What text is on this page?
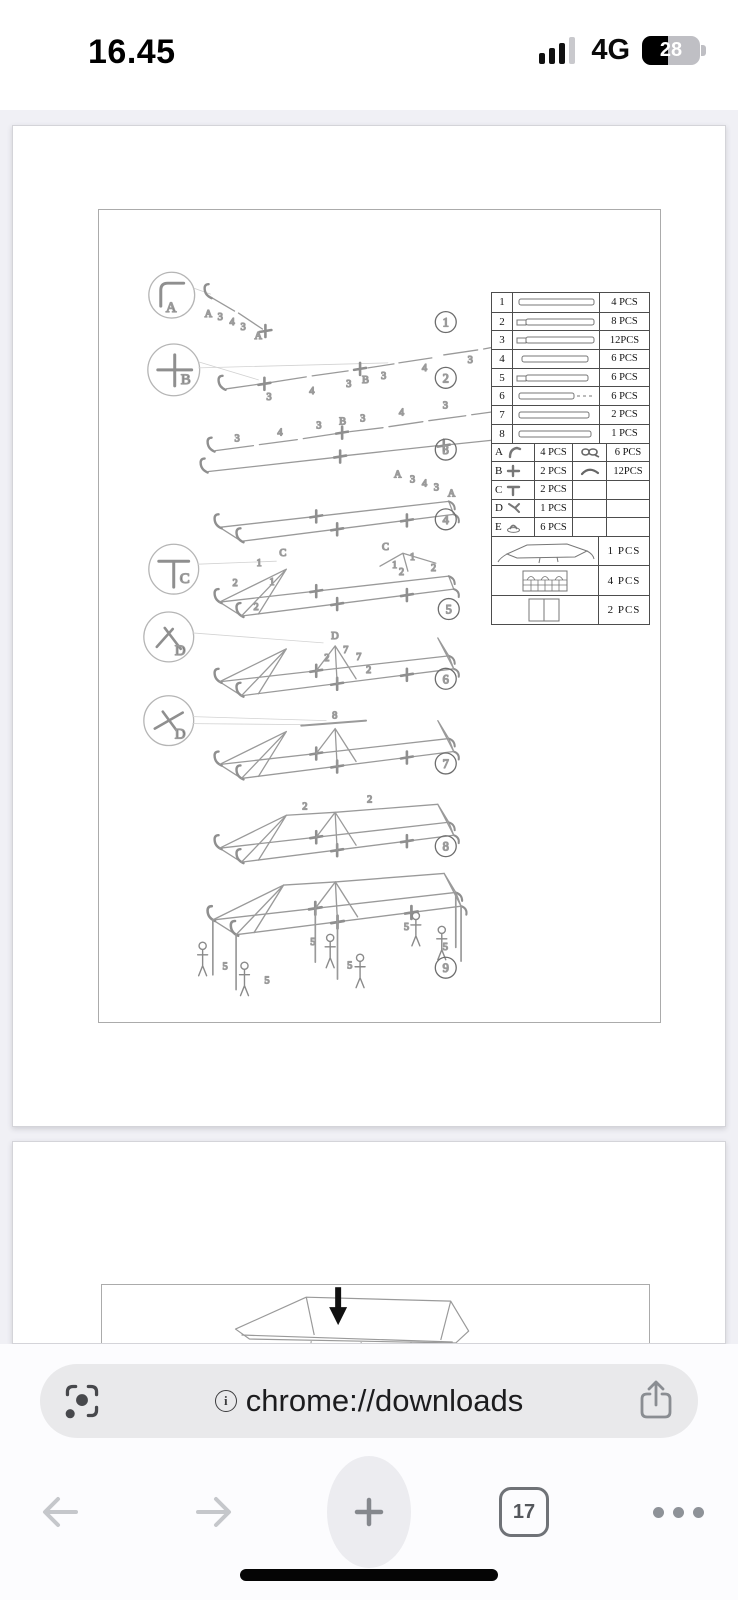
16.45	4G	28
A	A 3 4 3
A
1
B
3
4
3 B 3
4
3
2
3
4
3 B 3
4
3
3
A 3 4 3
A
4
C
C
2
1
1
2
C
1
1
2	2
5
D
D
7
2	7
2
6
D
8
7
2
2
8
5
5
5
5
5
5
9
1	4 PCS
2	8 PCS
3	12PCS
4	6 PCS
5	6 PCS
6	6 PCS
7	2 PCS
8	1 PCS
A	4 PCS	6 PCS
B	2 PCS	12PCS
C	2 PCS
D	1 PCS
E	6 PCS
1 PCS
4 PCS
2 PCS
i chrome://downloads
17
